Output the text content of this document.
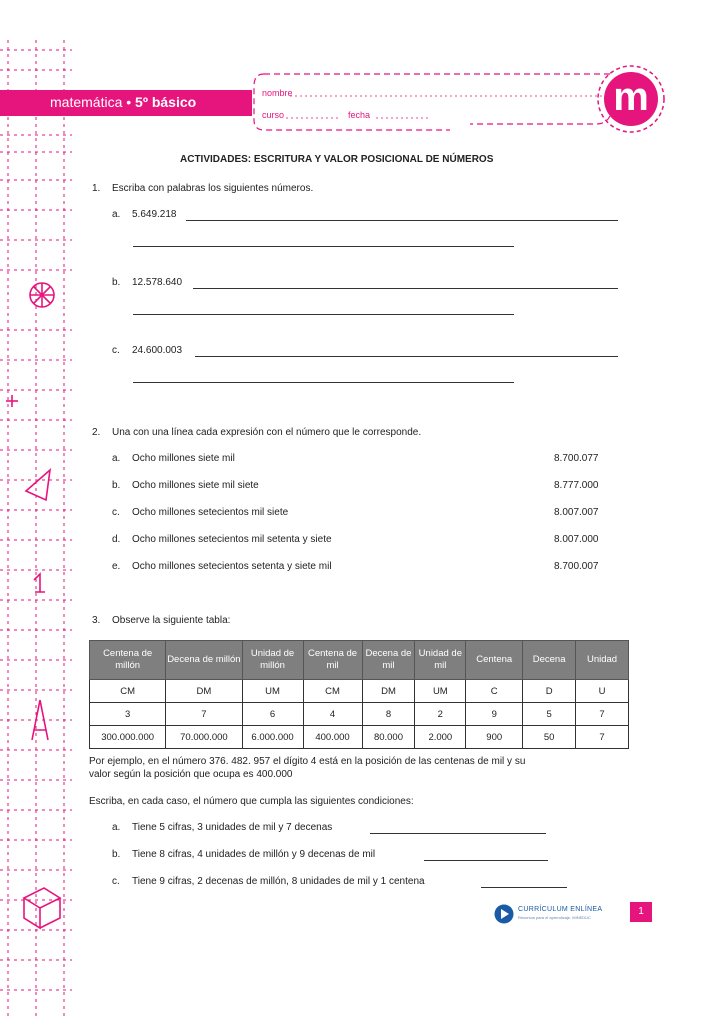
matemática • 5º básico
nombre
curso	fecha	m
ACTIVIDADES: ESCRITURA Y VALOR POSICIONAL DE NÚMEROS
1. Escriba con palabras los siguientes números.
a. 5.649.218
b. 12.578.640
c. 24.600.003
2. Una con una línea cada expresión con el número que le corresponde.
a. Ocho millones siete mil	8.700.077
b. Ocho millones siete mil siete	8.777.000
c. Ocho millones setecientos mil siete	8.007.007
d. Ocho millones setecientos mil setenta y siete	8.007.000
e. Ocho millones setecientos setenta y siete mil	8.700.007
3. Observe la siguiente tabla:
Centena de millón	Decena de millón	Unidad de millón	Centena de mil	Decena de mil	Unidad de mil	Centena	Decena	Unidad
CM	DM	UM	CM	DM	UM	C	D	U
3	7	6	4	8	2	9	5	7
300.000.000	70.000.000	6.000.000	400.000	80.000	2.000	900	50	7
Por ejemplo, en el número 376. 482. 957 el dígito 4 está en la posición de las centenas de mil y su
valor según la posición que ocupa es 400.000
Escriba, en cada caso, el número que cumpla las siguientes condiciones:
a. Tiene 5 cifras, 3 unidades de mil y 7 decenas
b. Tiene 8 cifras, 4 unidades de millón y 9 decenas de mil
c. Tiene 9 cifras, 2 decenas de millón, 8 unidades de mil y 1 centena
CURRÍCULUM ENLÍNEA
Recursos para el aprendizaje. MINEDUC
1
